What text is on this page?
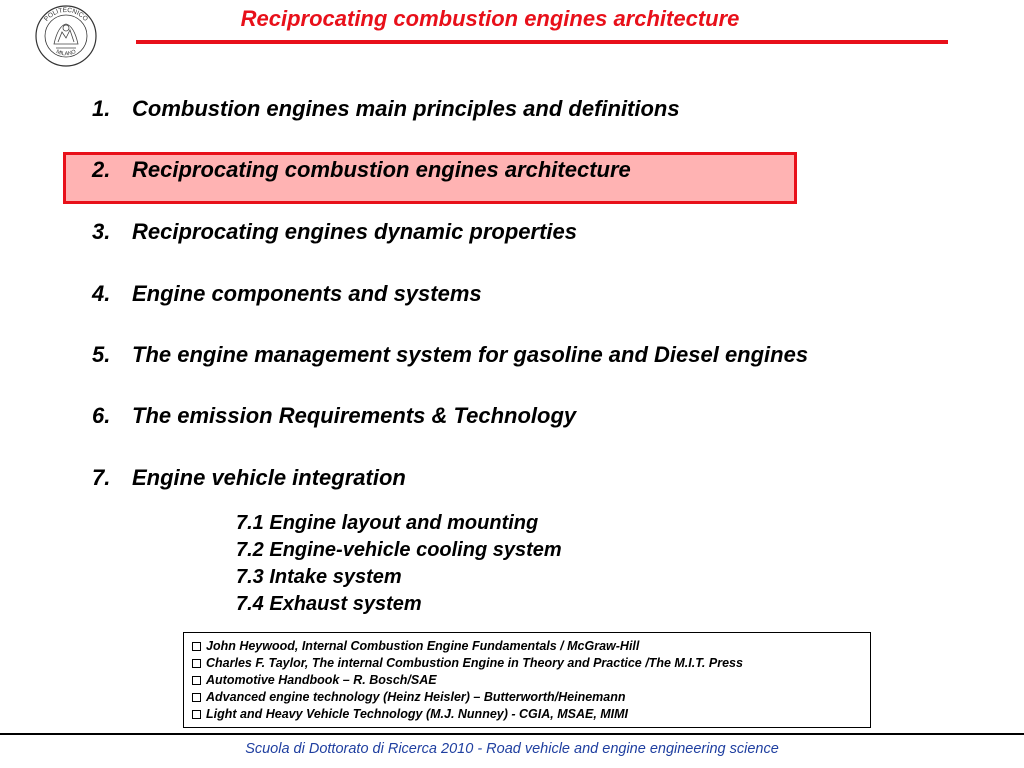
POLITECNICO
MILANO
Reciprocating combustion engines architecture
1. Combustion engines main principles and definitions
2. Reciprocating combustion engines architecture
3. Reciprocating engines dynamic properties
4. Engine components and systems
5. The engine management system for gasoline and Diesel engines
6. The emission Requirements & Technology
7. Engine vehicle integration
7.1 Engine layout and mounting
7.2 Engine-vehicle cooling system
7.3 Intake system
7.4 Exhaust system
John Heywood, Internal Combustion Engine Fundamentals / McGraw-Hill
Charles F. Taylor, The internal Combustion Engine in Theory and Practice /The M.I.T. Press
Automotive Handbook – R. Bosch/SAE
Advanced engine technology (Heinz Heisler) – Butterworth/Heinemann
Light and Heavy Vehicle Technology (M.J. Nunney) - CGIA, MSAE, MIMI
Scuola di Dottorato di Ricerca 2010 - Road vehicle and engine engineering science
